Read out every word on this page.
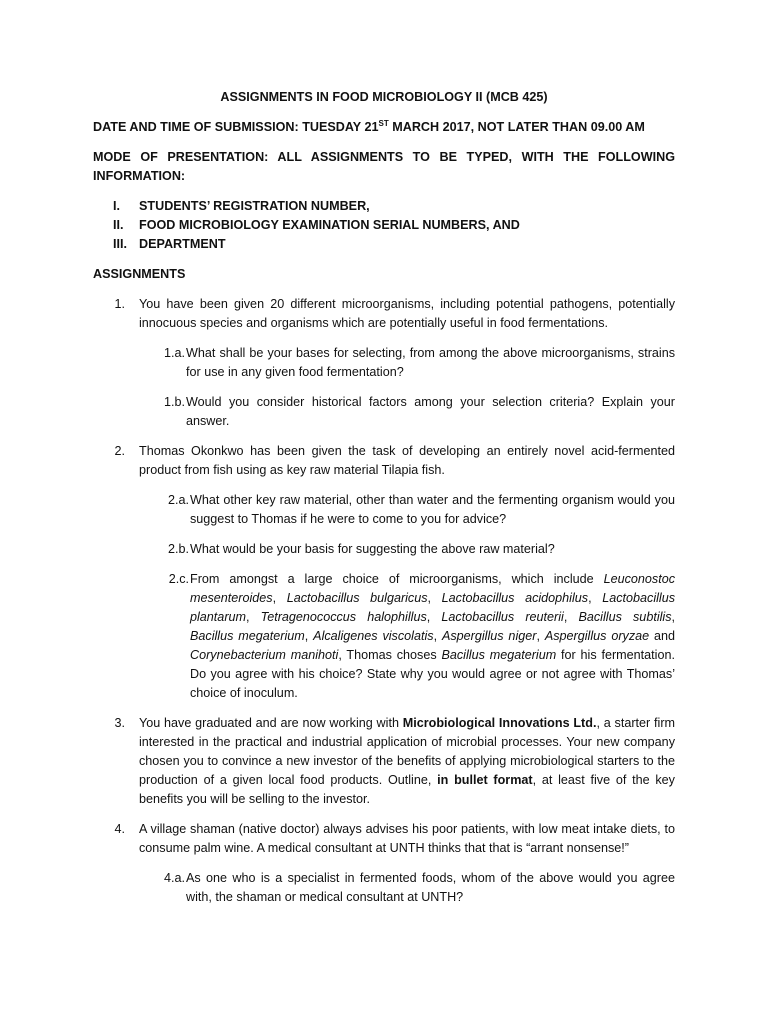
ASSIGNMENTS IN FOOD MICROBIOLOGY II (MCB 425)
DATE AND TIME OF SUBMISSION: TUESDAY 21ST MARCH 2017, NOT LATER THAN 09.00 AM
MODE OF PRESENTATION: ALL ASSIGNMENTS TO BE TYPED, WITH THE FOLLOWING INFORMATION:
I.	STUDENTS’ REGISTRATION NUMBER,
II.	FOOD MICROBIOLOGY EXAMINATION SERIAL NUMBERS, AND
III. DEPARTMENT
ASSIGNMENTS
1.	You have been given 20 different microorganisms, including potential pathogens, potentially innocuous species and organisms which are potentially useful in food fermentations.
1.a. What shall be your bases for selecting, from among the above microorganisms, strains for use in any given food fermentation?
1.b. Would you consider historical factors among your selection criteria? Explain your answer.
2.	Thomas Okonkwo has been given the task of developing an entirely novel acid-fermented product from fish using as key raw material Tilapia fish.
2.a. What other key raw material, other than water and the fermenting organism would you suggest to Thomas if he were to come to you for advice?
2.b. What would be your basis for suggesting the above raw material?
2.c. From amongst a large choice of microorganisms, which include Leuconostoc mesenteroides, Lactobacillus bulgaricus, Lactobacillus acidophilus, Lactobacillus plantarum, Tetragenococcus halophillus, Lactobacillus reuterii, Bacillus subtilis, Bacillus megaterium, Alcaligenes viscolatis, Aspergillus niger, Aspergillus oryzae and Corynebacterium manihoti, Thomas choses Bacillus megaterium for his fermentation. Do you agree with his choice? State why you would agree or not agree with Thomas’ choice of inoculum.
3.	You have graduated and are now working with Microbiological Innovations Ltd., a starter firm interested in the practical and industrial application of microbial processes. Your new company chosen you to convince a new investor of the benefits of applying microbiological starters to the production of a given local food products. Outline, in bullet format, at least five of the key benefits you will be selling to the investor.
4.	A village shaman (native doctor) always advises his poor patients, with low meat intake diets, to consume palm wine. A medical consultant at UNTH thinks that that is “arrant nonsense!”
4.a. As one who is a specialist in fermented foods, whom of the above would you agree with, the shaman or medical consultant at UNTH?
